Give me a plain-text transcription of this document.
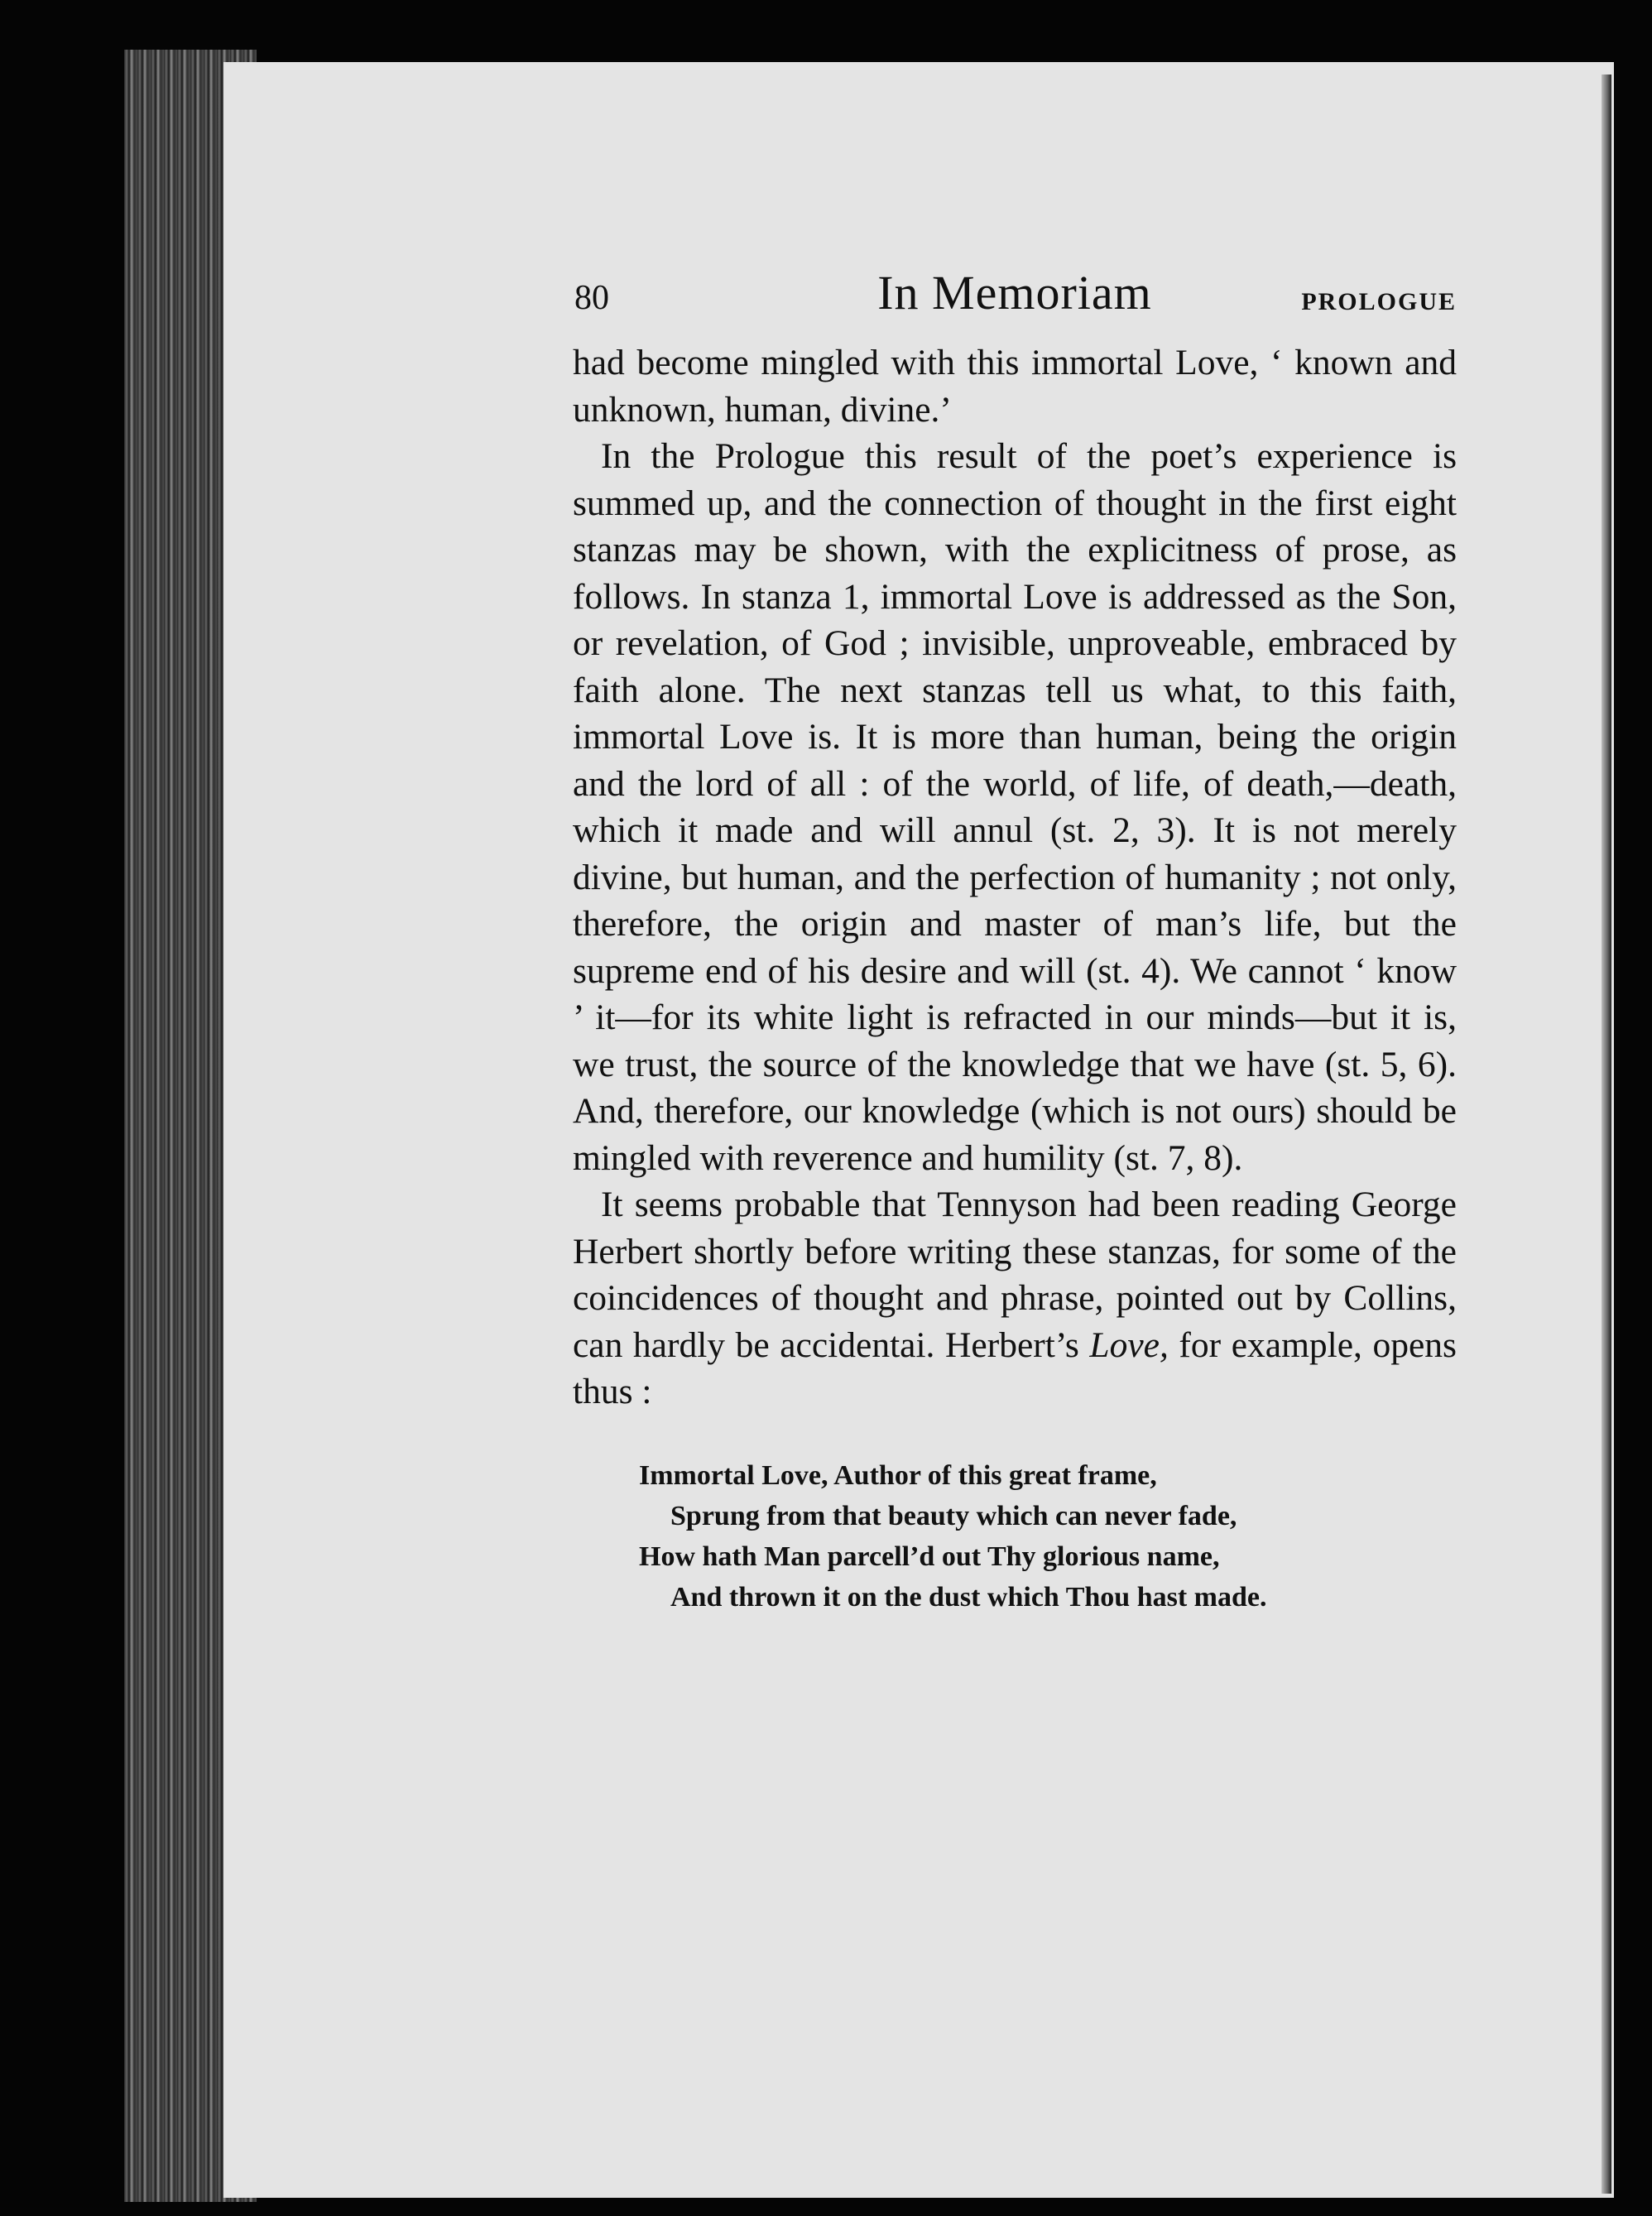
80	In Memoriam	PROLOGUE

had become mingled with this immortal Love, ‘ known and unknown, human, divine.’

In the Prologue this result of the poet’s experience is summed up, and the connection of thought in the first eight stanzas may be shown, with the explicitness of prose, as follows. In stanza 1, immortal Love is addressed as the Son, or revelation, of God ; invisible, unproveable, embraced by faith alone. The next stanzas tell us what, to this faith, immortal Love is. It is more than human, being the origin and the lord of all : of the world, of life, of death,—death, which it made and will annul (st. 2, 3). It is not merely divine, but human, and the perfection of humanity ; not only, therefore, the origin and master of man’s life, but the supreme end of his desire and will (st. 4). We cannot ‘ know ’ it—for its white light is refracted in our minds—but it is, we trust, the source of the knowledge that we have (st. 5, 6). And, therefore, our knowledge (which is not ours) should be mingled with reverence and humility (st. 7, 8).

It seems probable that Tennyson had been reading George Herbert shortly before writing these stanzas, for some of the coincidences of thought and phrase, pointed out by Collins, can hardly be accidentai. Herbert’s Love, for example, opens thus :

Immortal Love, Author of this great frame,
Sprung from that beauty which can never fade,
How hath Man parcell’d out Thy glorious name,
And thrown it on the dust which Thou hast made.
